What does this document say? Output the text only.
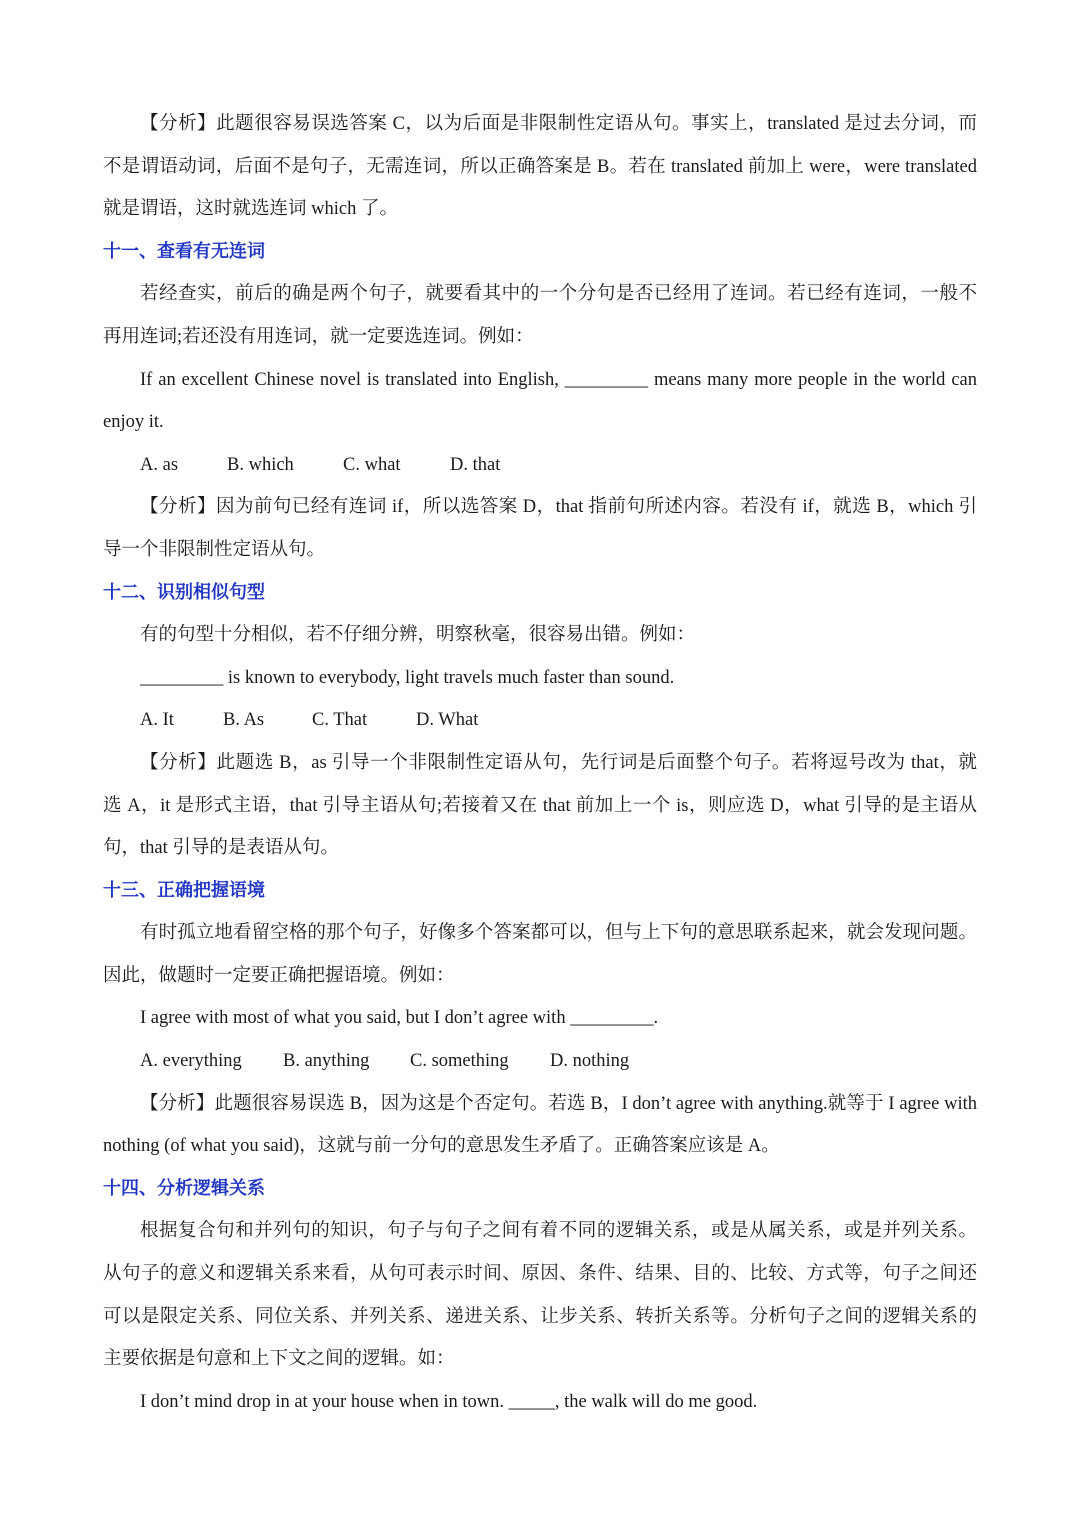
【分析】此题很容易误选答案 C，以为后面是非限制性定语从句。事实上，translated 是过去分词，而
不是谓语动词，后面不是句子，无需连词，所以正确答案是 B。若在 translated 前加上 were，were translated
就是谓语，这时就选连词 which 了。
十一、查看有无连词
若经查实，前后的确是两个句子，就要看其中的一个分句是否已经用了连词。若已经有连词，一般不
再用连词;若还没有用连词，就一定要选连词。例如：
If an excellent Chinese novel is translated into English, _________ means many more people in the world can
enjoy it.
A. as	B. which	C. what	D. that
【分析】因为前句已经有连词 if，所以选答案 D，that 指前句所述内容。若没有 if，就选 B，which 引
导一个非限制性定语从句。
十二、识别相似句型
有的句型十分相似，若不仔细分辨，明察秋毫，很容易出错。例如：
_________ is known to everybody, light travels much faster than sound.
A. It	B. As	C. That	D. What
【分析】此题选 B，as 引导一个非限制性定语从句，先行词是后面整个句子。若将逗号改为 that，就
选 A，it 是形式主语，that 引导主语从句;若接着又在 that 前加上一个 is，则应选 D，what 引导的是主语从
句，that 引导的是表语从句。
十三、正确把握语境
有时孤立地看留空格的那个句子，好像多个答案都可以，但与上下句的意思联系起来，就会发现问题。
因此，做题时一定要正确把握语境。例如：
I agree with most of what you said, but I don’t agree with _________.
A. everything B. anything C. something D. nothing
【分析】此题很容易误选 B，因为这是个否定句。若选 B，I don’t agree with anything.就等于 I agree with
nothing (of what you said)，这就与前一分句的意思发生矛盾了。正确答案应该是 A。
十四、分析逻辑关系
根据复合句和并列句的知识，句子与句子之间有着不同的逻辑关系，或是从属关系，或是并列关系。
从句子的意义和逻辑关系来看，从句可表示时间、原因、条件、结果、目的、比较、方式等，句子之间还
可以是限定关系、同位关系、并列关系、递进关系、让步关系、转折关系等。分析句子之间的逻辑关系的
主要依据是句意和上下文之间的逻辑。如：
I don’t mind drop in at your house when in town. _____, the walk will do me good.
